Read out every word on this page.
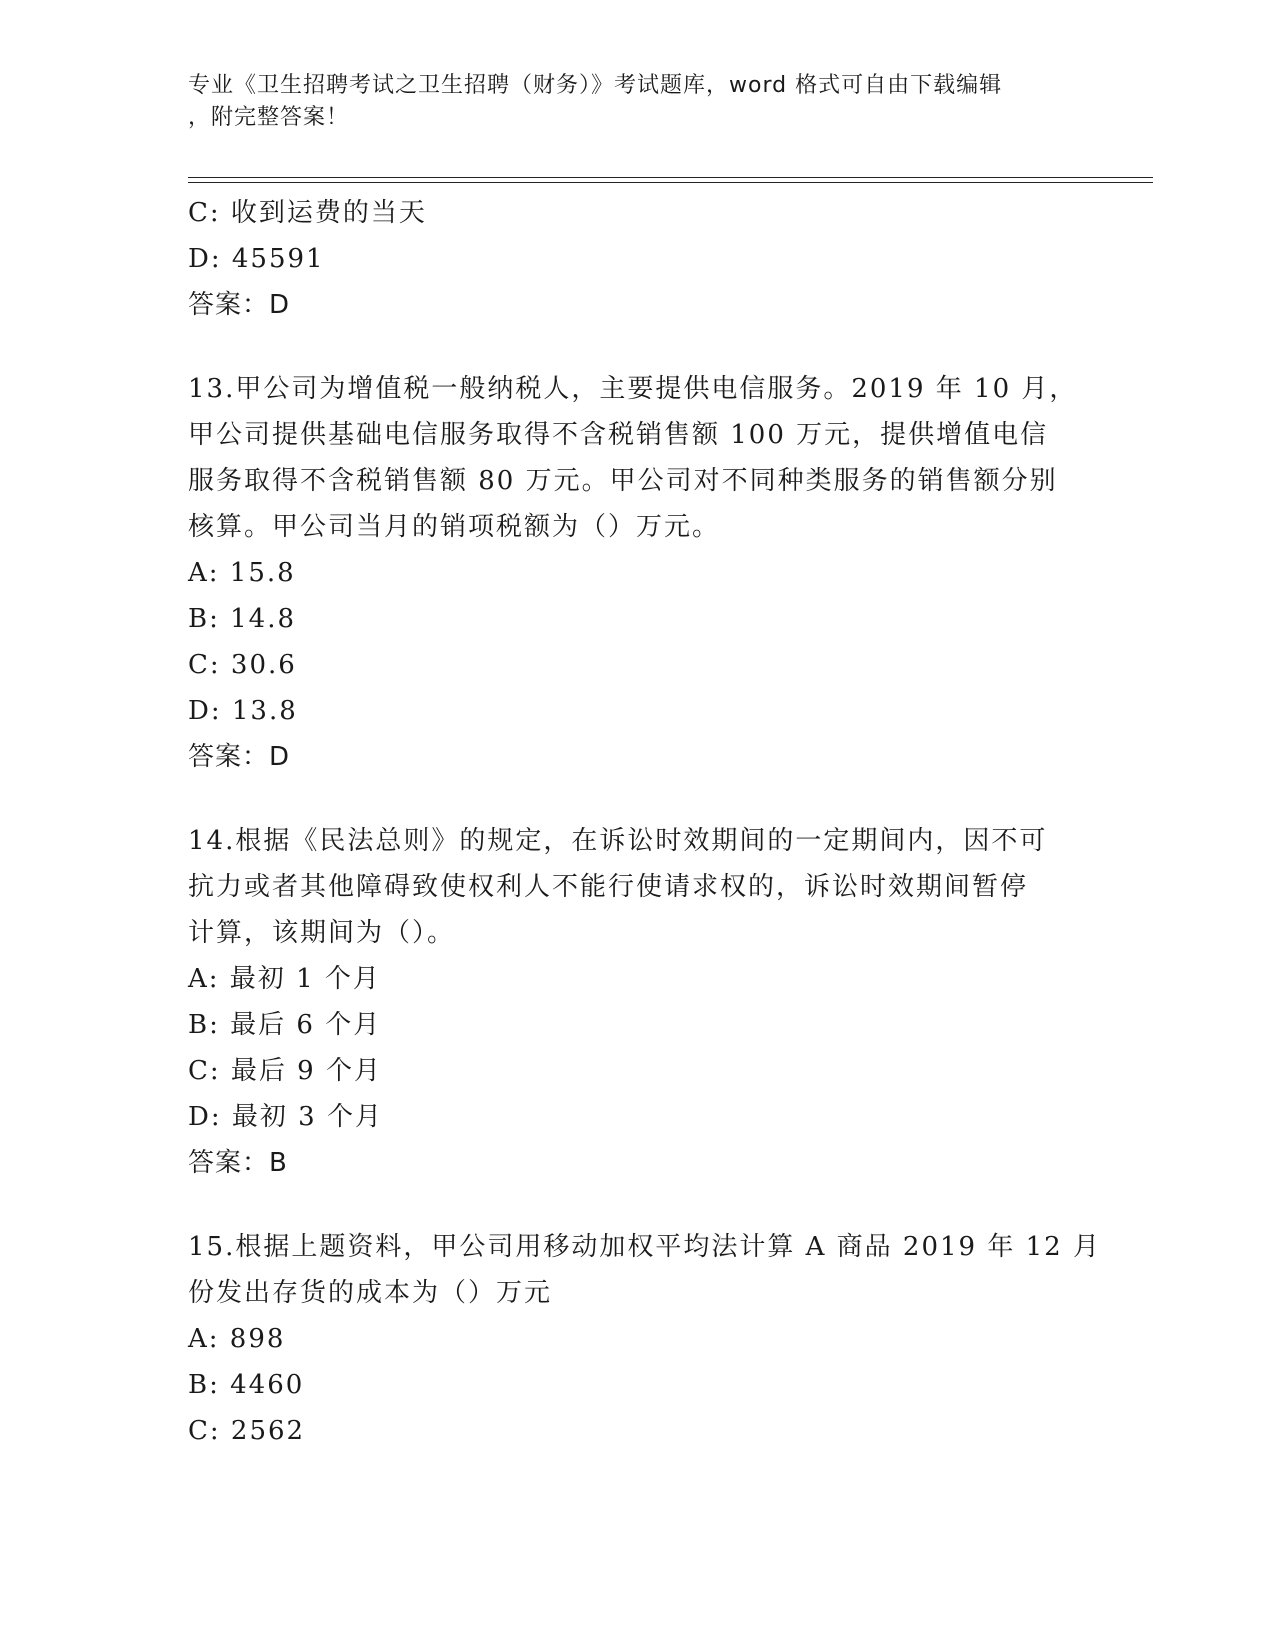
专业《卫生招聘考试之卫生招聘（财务）》考试题库，word 格式可自由下载编辑
，附完整答案！
C: 收到运费的当天
D: 45591
答案：D
13.甲公司为增值税一般纳税人，主要提供电信服务。2019 年 10 月，
甲公司提供基础电信服务取得不含税销售额 100 万元，提供增值电信
服务取得不含税销售额 80 万元。甲公司对不同种类服务的销售额分别
核算。甲公司当月的销项税额为（）万元。
A: 15.8
B: 14.8
C: 30.6
D: 13.8
答案：D
14.根据《民法总则》的规定，在诉讼时效期间的一定期间内，因不可
抗力或者其他障碍致使权利人不能行使请求权的，诉讼时效期间暂停
计算，该期间为（）。
A: 最初 1 个月
B: 最后 6 个月
C: 最后 9 个月
D: 最初 3 个月
答案：B
15.根据上题资料，甲公司用移动加权平均法计算 A 商品 2019 年 12 月
份发出存货的成本为（）万元
A: 898
B: 4460
C: 2562
